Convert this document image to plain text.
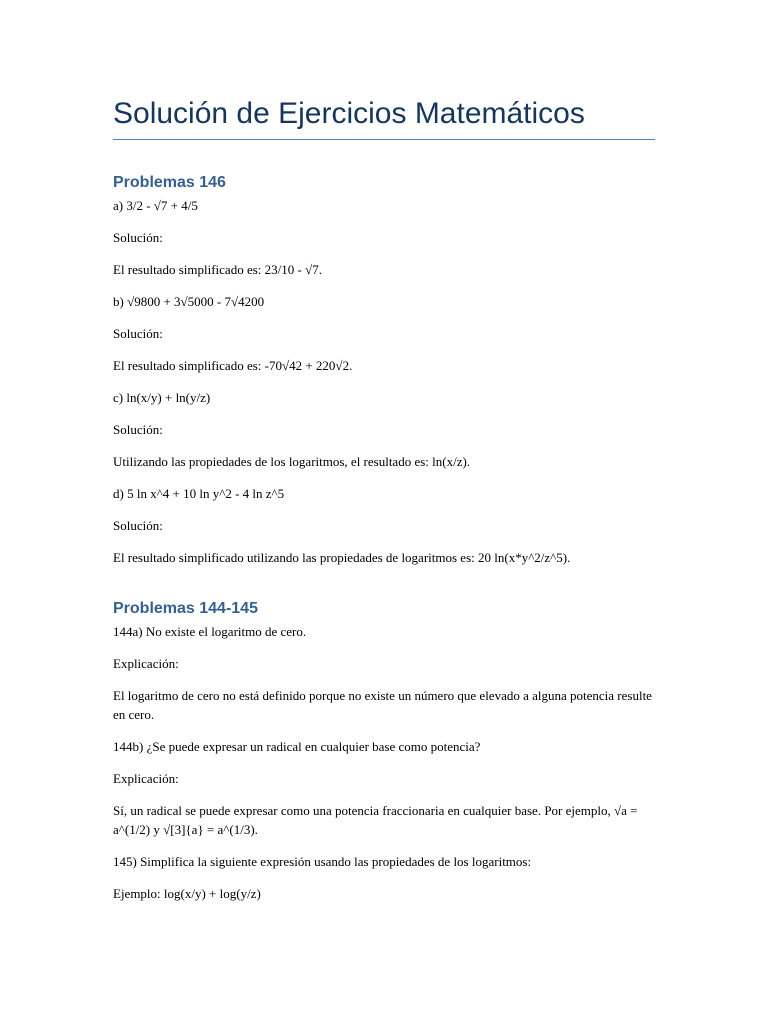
Solución de Ejercicios Matemáticos
Problemas 146

a) 3/2 - √7 + 4/5

Solución:

El resultado simplificado es: 23/10 - √7.

b) √9800 + 3√5000 - 7√4200

Solución:

El resultado simplificado es: -70√42 + 220√2.

c) ln(x/y) + ln(y/z)

Solución:

Utilizando las propiedades de los logaritmos, el resultado es: ln(x/z).

d) 5 ln x^4 + 10 ln y^2 - 4 ln z^5

Solución:

El resultado simplificado utilizando las propiedades de logaritmos es: 20 ln(x*y^2/z^5).

Problemas 144-145

144a) No existe el logaritmo de cero.

Explicación:

El logaritmo de cero no está definido porque no existe un número que elevado a alguna potencia resulte en cero.

144b) ¿Se puede expresar un radical en cualquier base como potencia?

Explicación:

Sí, un radical se puede expresar como una potencia fraccionaria en cualquier base. Por ejemplo, √a = a^(1/2) y √[3]{a} = a^(1/3).

145) Simplifica la siguiente expresión usando las propiedades de los logaritmos:

Ejemplo: log(x/y) + log(y/z)
